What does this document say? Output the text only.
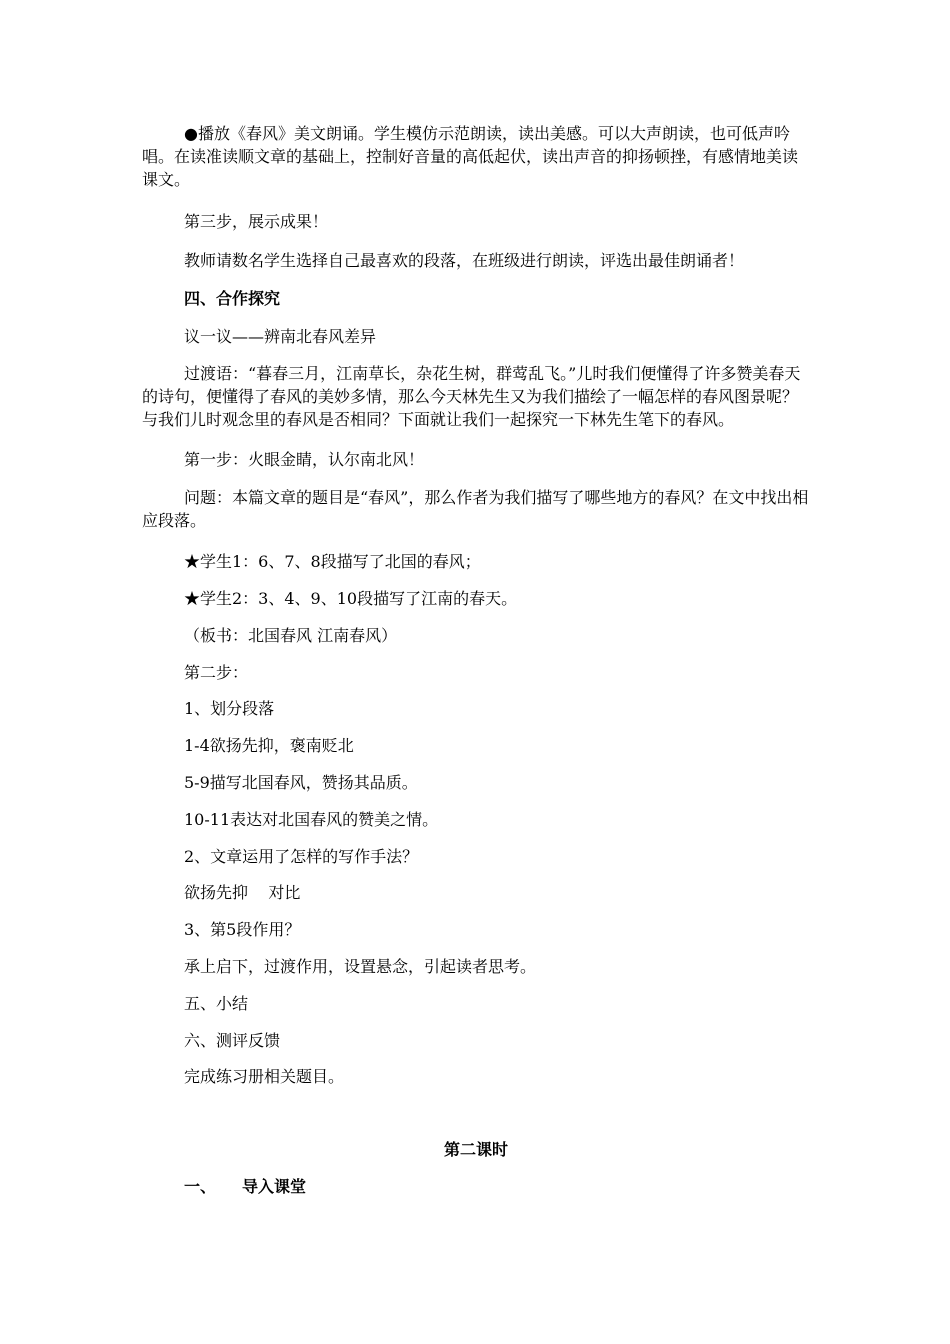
●播放《春风》美文朗诵。学生模仿示范朗读，读出美感。可以大声朗读，也可低声吟唱。在读准读顺文章的基础上，控制好音量的高低起伏，读出声音的抑扬顿挫，有感情地美读课文。

第三步，展示成果！

教师请数名学生选择自己最喜欢的段落，在班级进行朗读，评选出最佳朗诵者！

四、合作探究

议一议——辨南北春风差异

过渡语：“暮春三月，江南草长，杂花生树，群莺乱飞。”儿时我们便懂得了许多赞美春天的诗句，便懂得了春风的美妙多情，那么今天林先生又为我们描绘了一幅怎样的春风图景呢？与我们儿时观念里的春风是否相同？下面就让我们一起探究一下林先生笔下的春风。

第一步：火眼金睛，认尔南北风！

问题：本篇文章的题目是“春风”，那么作者为我们描写了哪些地方的春风？在文中找出相应段落。

★学生1：6、7、8段描写了北国的春风；

★学生2：3、4、9、10段描写了江南的春天。

（板书：北国春风 江南春风）

第二步：

1、划分段落

1-4欲扬先抑，褒南贬北

5-9描写北国春风，赞扬其品质。

10-11表达对北国春风的赞美之情。

2、文章运用了怎样的写作手法？

欲扬先抑    对比

3、第5段作用？

承上启下，过渡作用，设置悬念，引起读者思考。

五、小结

六、测评反馈

完成练习册相关题目。

第二课时

一、 导入课堂
